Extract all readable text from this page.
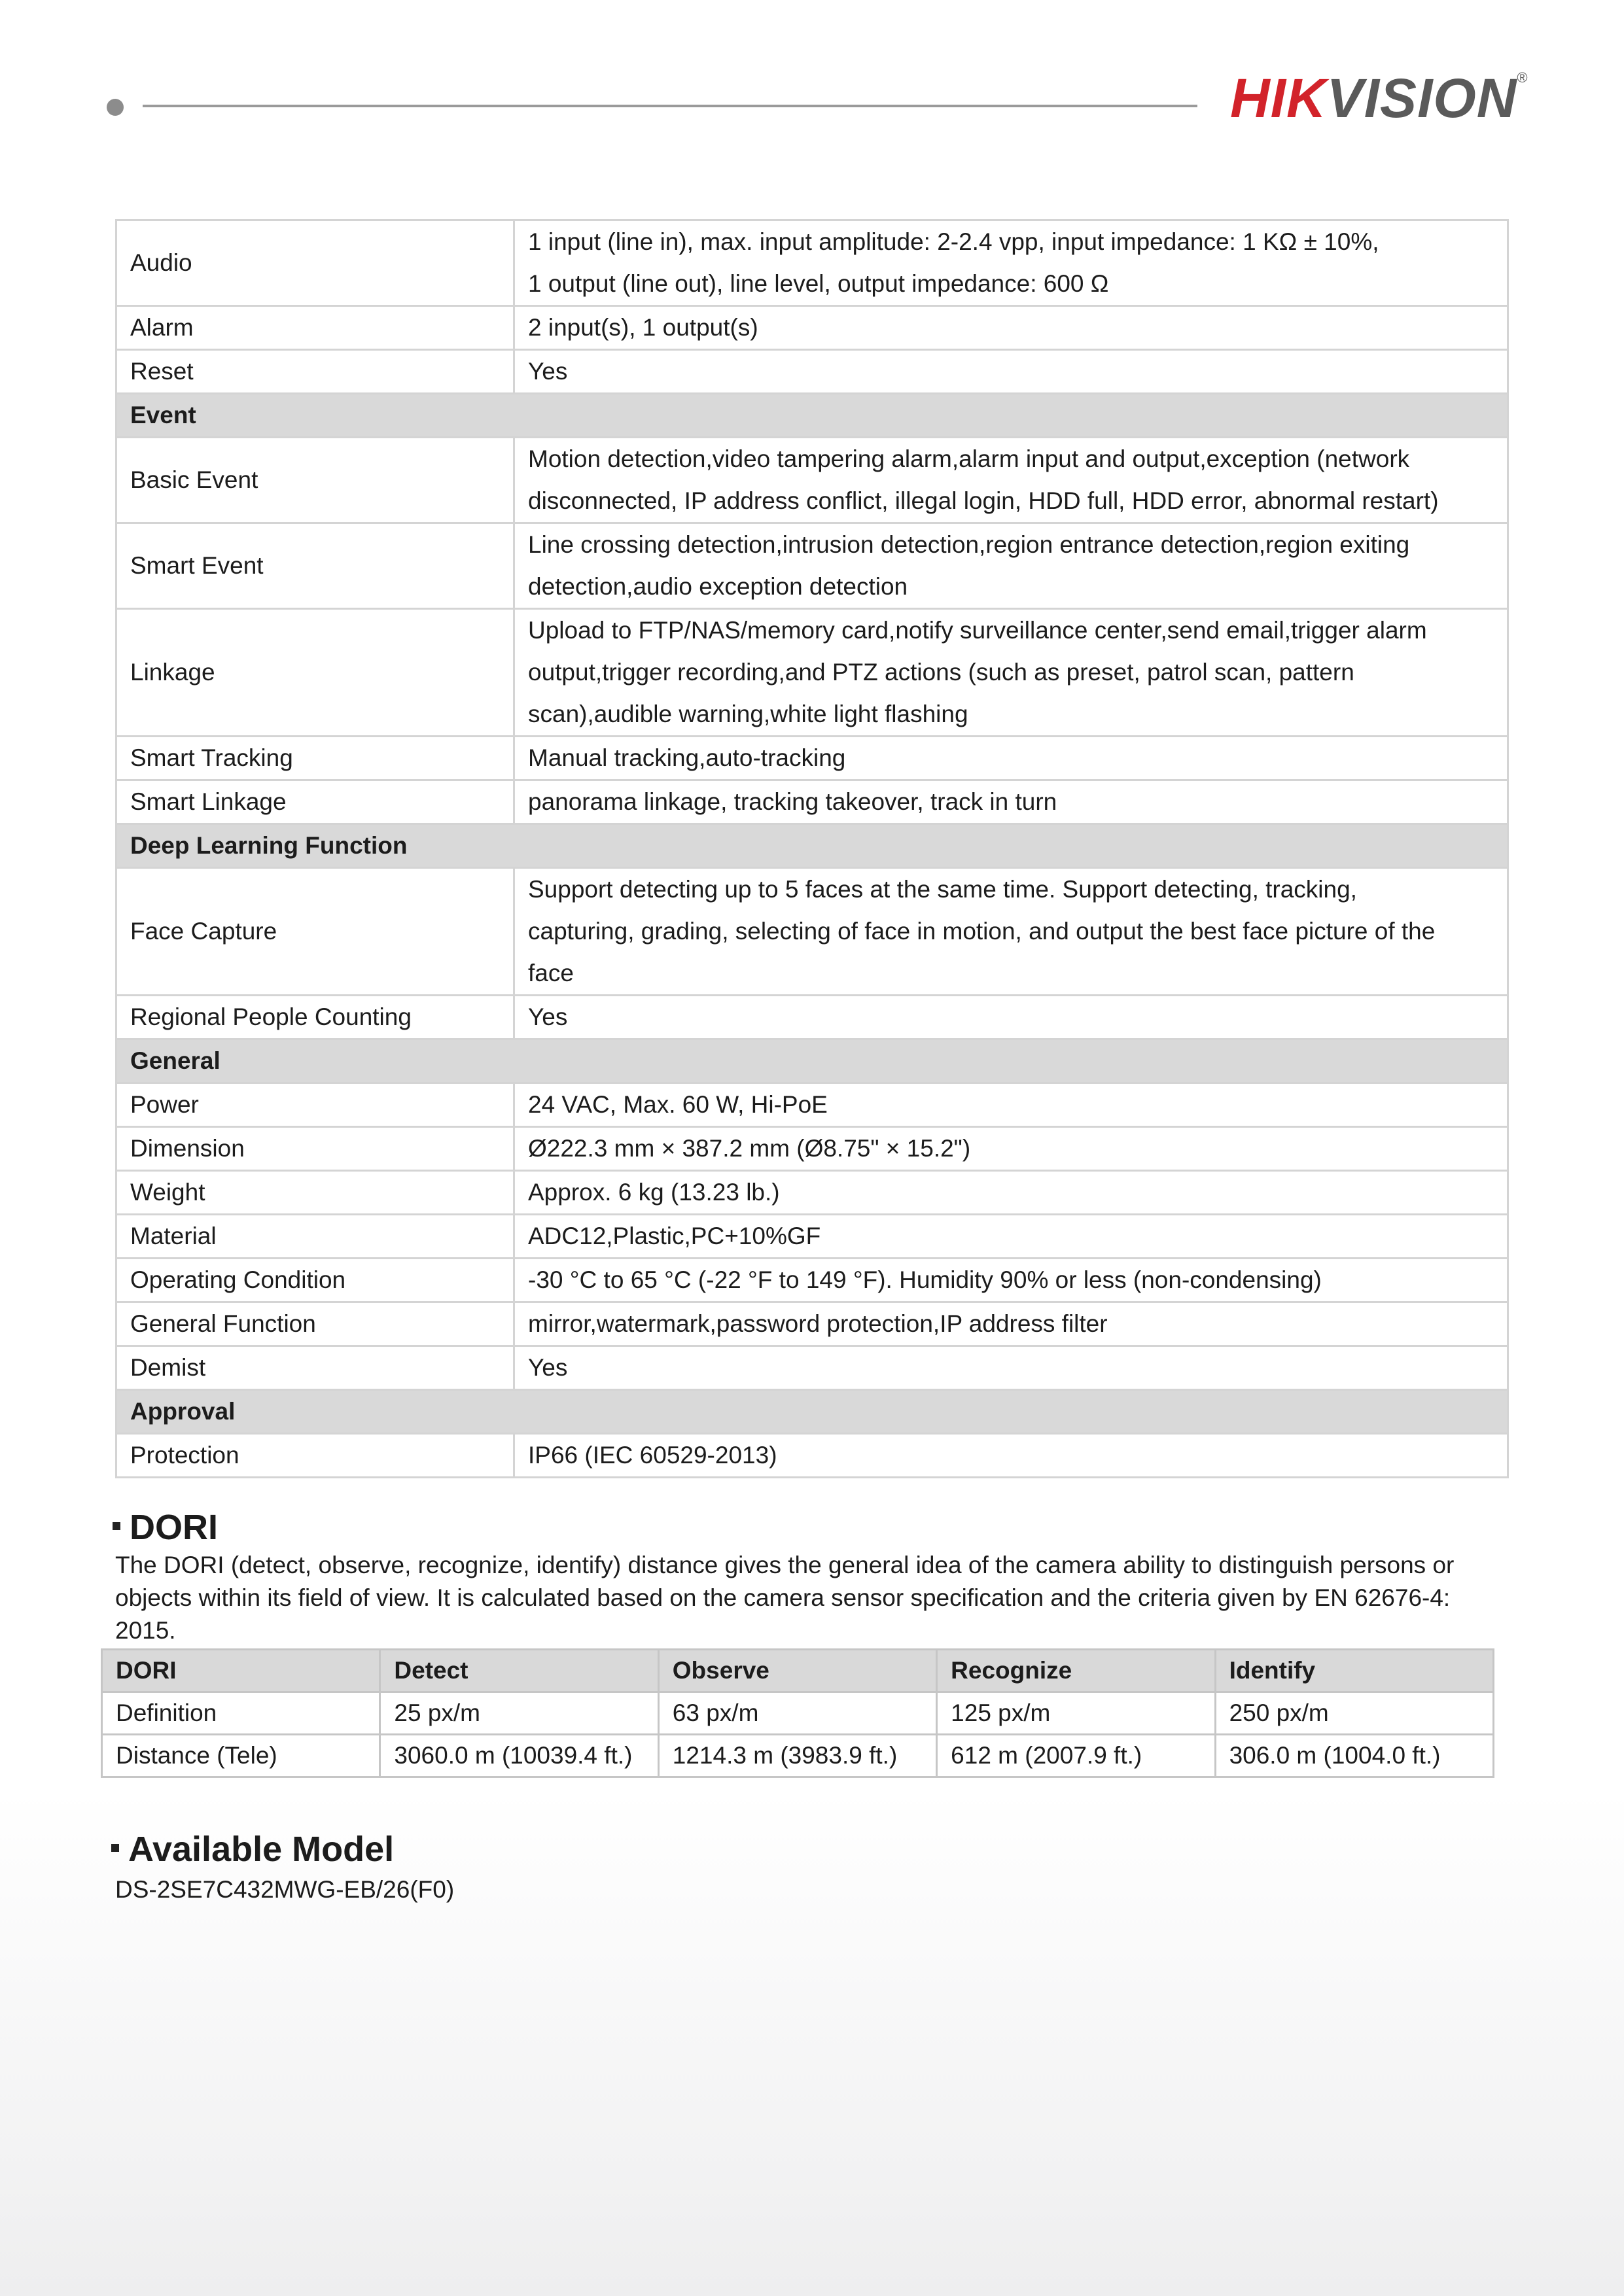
HIKVISION®
Audio	1 input (line in), max. input amplitude: 2-2.4 vpp, input impedance: 1 KΩ ± 10%,
1 output (line out), line level, output impedance: 600 Ω

Alarm	2 input(s), 1 output(s)

Reset	Yes

Event	
Basic Event	Motion detection,video tampering alarm,alarm input and output,exception (network
disconnected, IP address conflict, illegal login, HDD full, HDD error, abnormal restart)

Smart Event	Line crossing detection,intrusion detection,region entrance detection,region exiting
detection,audio exception detection

Linkage	Upload to FTP/NAS/memory card,notify surveillance center,send email,trigger alarm
output,trigger recording,and PTZ actions (such as preset, patrol scan, pattern
scan),audible warning,white light flashing

Smart Tracking	Manual tracking,auto-tracking

Smart Linkage	panorama linkage, tracking takeover, track in turn

Deep Learning Function	
Face Capture	Support detecting up to 5 faces at the same time. Support detecting, tracking,
capturing, grading, selecting of face in motion, and output the best face picture of the
face

Regional People Counting	Yes

General	
Power	24 VAC, Max. 60 W, Hi-PoE

Dimension	Ø222.3 mm × 387.2 mm (Ø8.75" × 15.2")

Weight	Approx. 6 kg (13.23 lb.)

Material	ADC12,Plastic,PC+10%GF

Operating Condition	-30 °C to 65 °C (-22 °F to 149 °F). Humidity 90% or less (non-condensing)

General Function	mirror,watermark,password protection,IP address filter

Demist	Yes

Approval	
Protection	IP66 (IEC 60529-2013)
DORI

The DORI (detect, observe, recognize, identify) distance gives the general idea of the camera ability to distinguish persons or objects within its field of view. It is calculated based on the camera sensor specification and the criteria given by EN 62676-4: 2015.

DORI	Detect	Observe	Recognize	Identify
Definition	25 px/m	63 px/m	125 px/m	250 px/m
Distance (Tele)	3060.0 m (10039.4 ft.)	1214.3 m (3983.9 ft.)	612 m (2007.9 ft.)	306.0 m (1004.0 ft.)
Available Model

DS-2SE7C432MWG-EB/26(F0)
